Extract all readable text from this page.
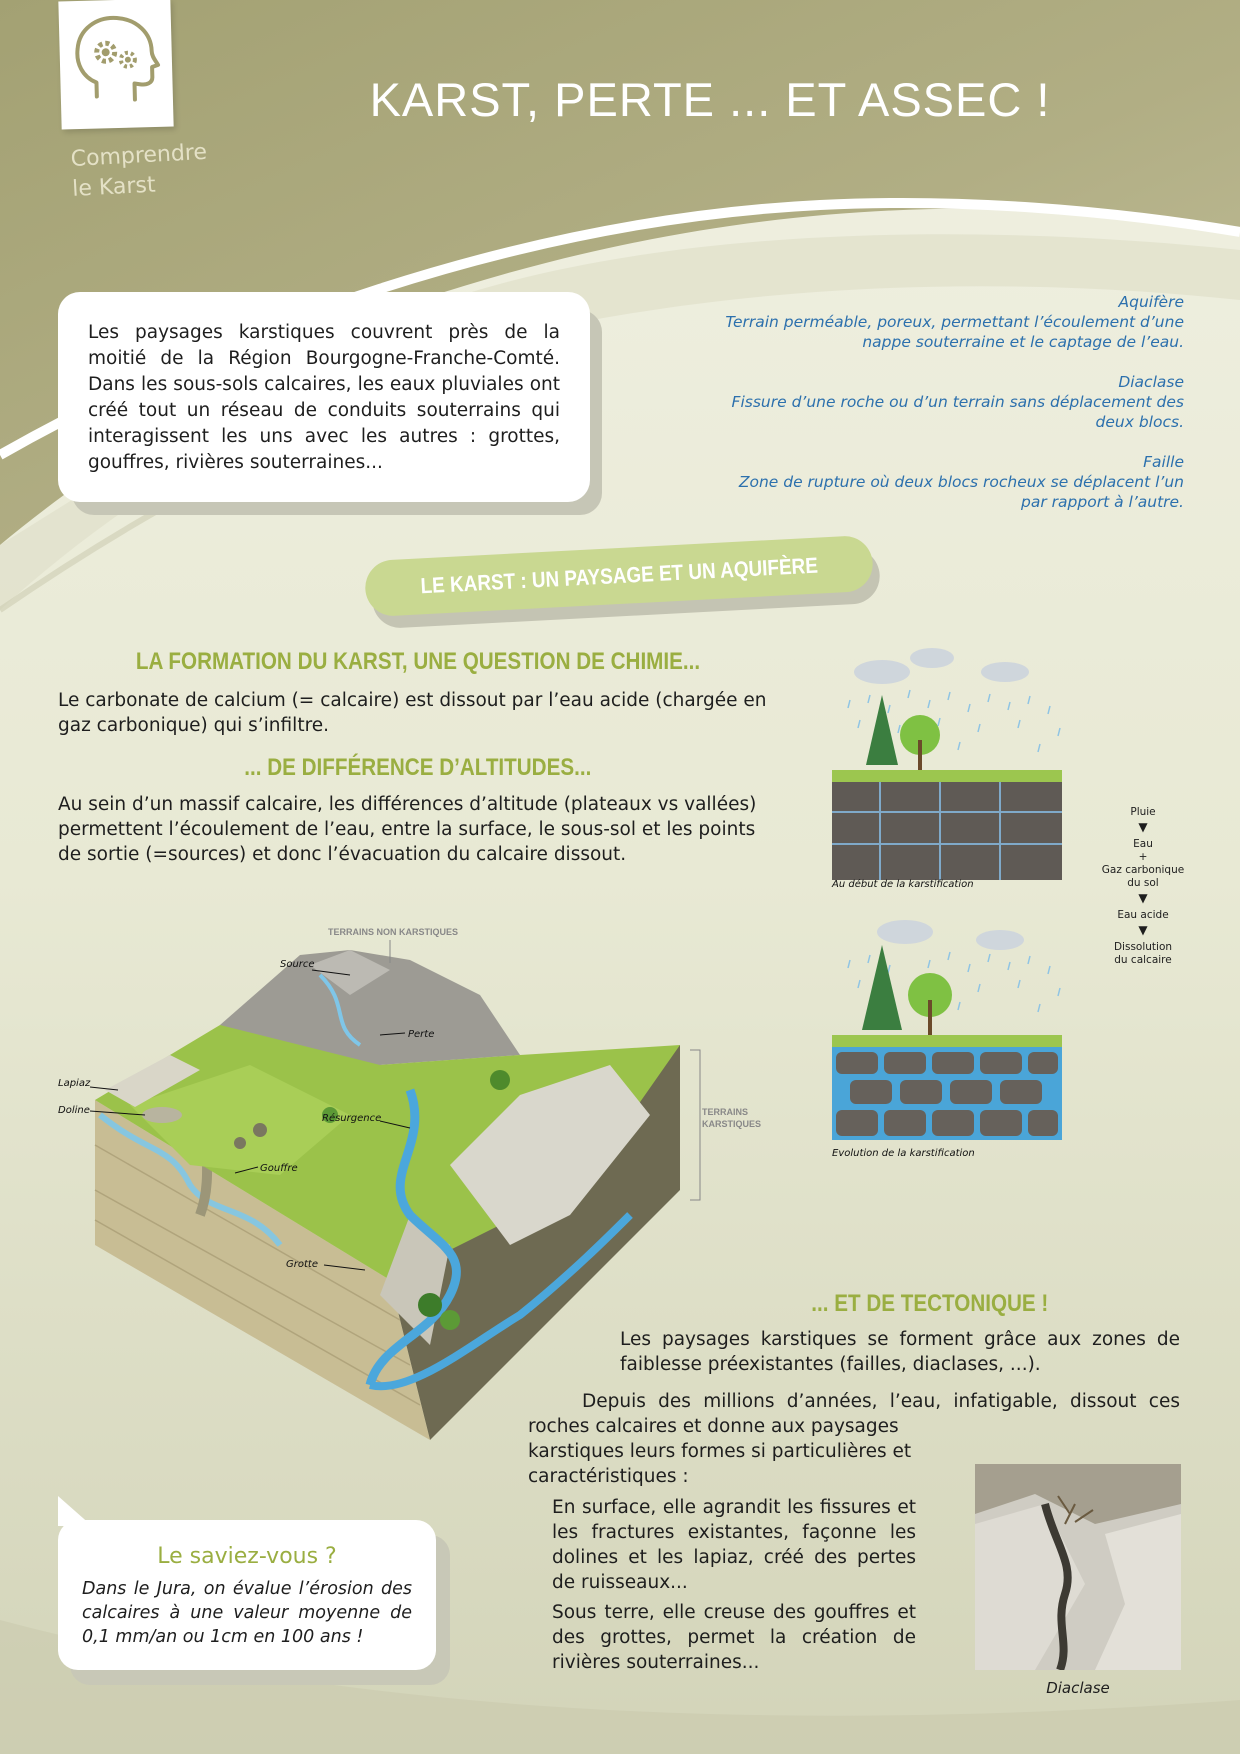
Comprendre
le Karst
KARST, PERTE ... ET ASSEC !

Les paysages karstiques couvrent près de la moitié de la Région Bourgogne-Franche-Comté. Dans les sous-sols calcaires, les eaux pluviales ont créé tout un réseau de conduits souterrains qui interagissent les uns avec les autres : grottes, gouffres, rivières souterraines...

Aquifère
Terrain perméable, poreux, permettant l’écoulement d’une nappe souterraine et le captage de l’eau.
Diaclase
Fissure d’une roche ou d’un terrain sans déplacement des deux blocs.
Faille
Zone de rupture où deux blocs rocheux se déplacent l’un par rapport à l’autre.
LE KARST : UN PAYSAGE ET UN AQUIFÈRE
LA FORMATION DU KARST, UNE QUESTION DE CHIMIE...

Le carbonate de calcium (= calcaire) est dissout par l’eau acide (chargée en gaz carbonique) qui s’infiltre.

... DE DIFFÉRENCE D’ALTITUDES...

Au sein d’un massif calcaire, les différences d’altitude (plateaux vs vallées) permettent l’écoulement de l’eau, entre la surface, le sous-sol et les points de sortie (=sources) et donc l’évacuation du calcaire dissout.

TERRAINS NON KARSTIQUES
Source
Perte
Lapiaz
Doline
Résurgence
Gouffre
Grotte
TERRAINS
KARSTIQUES
Au début de la karstification
Evolution de la karstification
Pluie
▼
Eau
+
Gaz carbonique
du sol
▼
Eau acide
▼
Dissolution
du calcaire
... ET DE TECTONIQUE !

Les paysages karstiques se forment grâce aux zones de faiblesse préexistantes (failles, diaclases, ...).

Depuis des millions d’années, l’eau, infatigable, dissout ces
roches calcaires et donne aux paysages karstiques leurs formes si particulières et caractéristiques :

En surface, elle agrandit les fissures et les fractures existantes, façonne les dolines et les lapiaz, créé des pertes de ruisseaux...

Sous terre, elle creuse des gouffres et des grottes, permet la création de rivières souterraines...

Diaclase
Le saviez-vous ?

Dans le Jura, on évalue l’érosion des calcaires à une valeur moyenne de 0,1 mm/an ou 1cm en 100 ans !
